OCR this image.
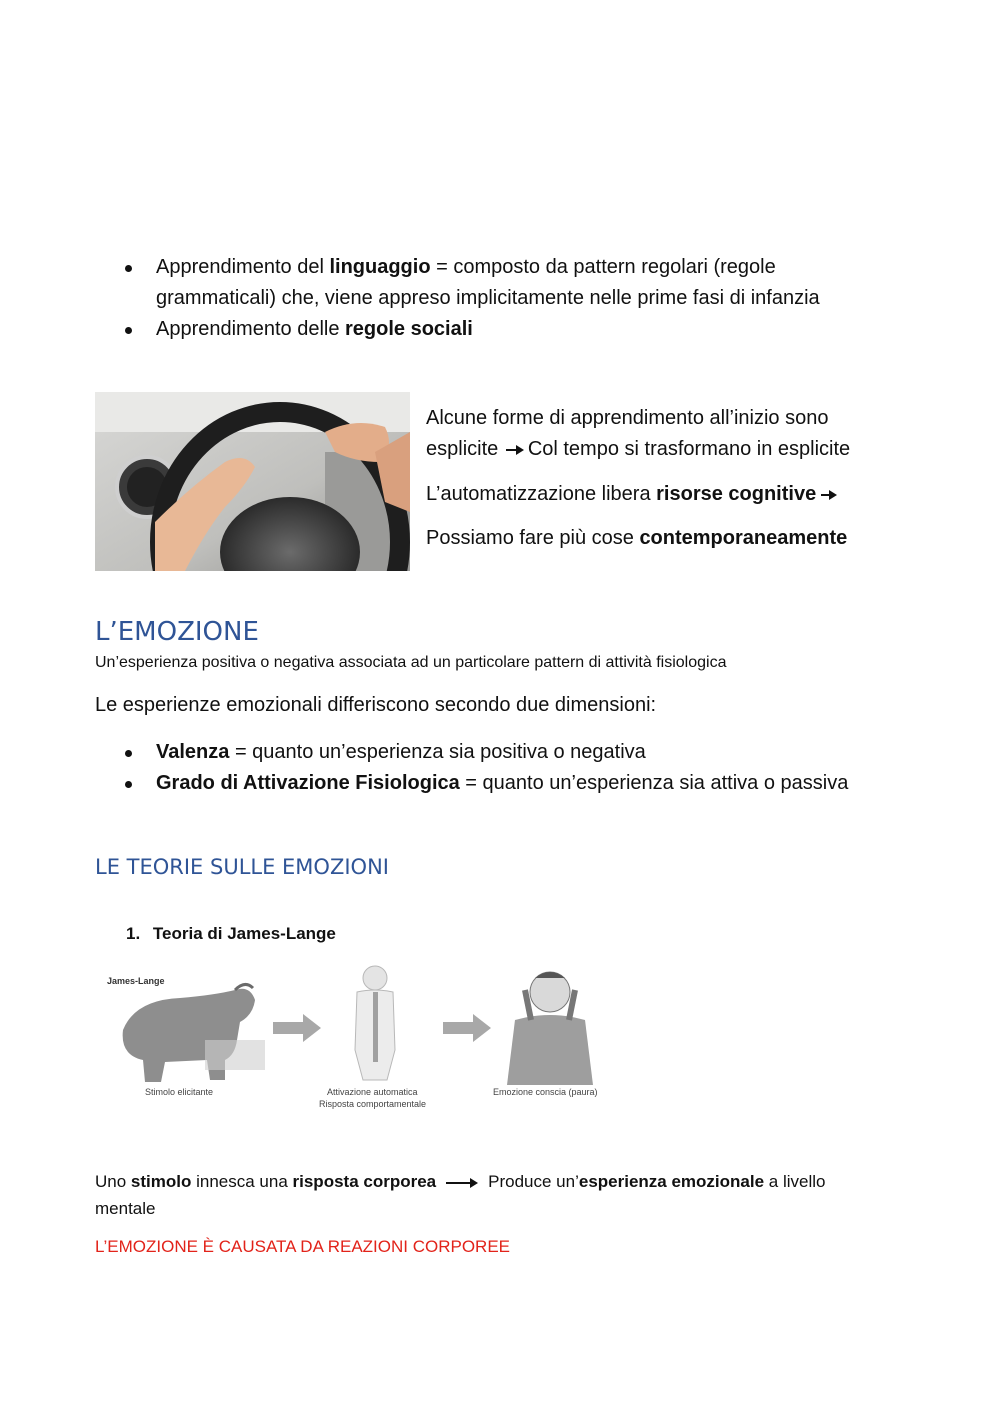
Apprendimento del linguaggio = composto da pattern regolari (regole
grammaticali) che, viene appreso implicitamente nelle prime fasi di infanzia
Apprendimento delle regole sociali
Alcune forme di apprendimento all’inizio sono
esplicite Col tempo si trasformano in esplicite
L’automatizzazione libera risorse cognitive
Possiamo fare più cose contemporaneamente
L’EMOZIONE
Un’esperienza positiva o negativa associata ad un particolare pattern di attività fisiologica
Le esperienze emozionali differiscono secondo due dimensioni:
Valenza = quanto un’esperienza sia positiva o negativa
Grado di Attivazione Fisiologica = quanto un’esperienza sia attiva o passiva
LE TEORIE SULLE EMOZIONI
1. Teoria di James-Lange
James-Lange
Stimolo elicitante	Attivazione automatica
Risposta comportamentale
Emozione conscia (paura)
Uno stimolo innesca una risposta corporea	Produce un’esperienza emozionale a livello
mentale
L’EMOZIONE È CAUSATA DA REAZIONI CORPOREE
